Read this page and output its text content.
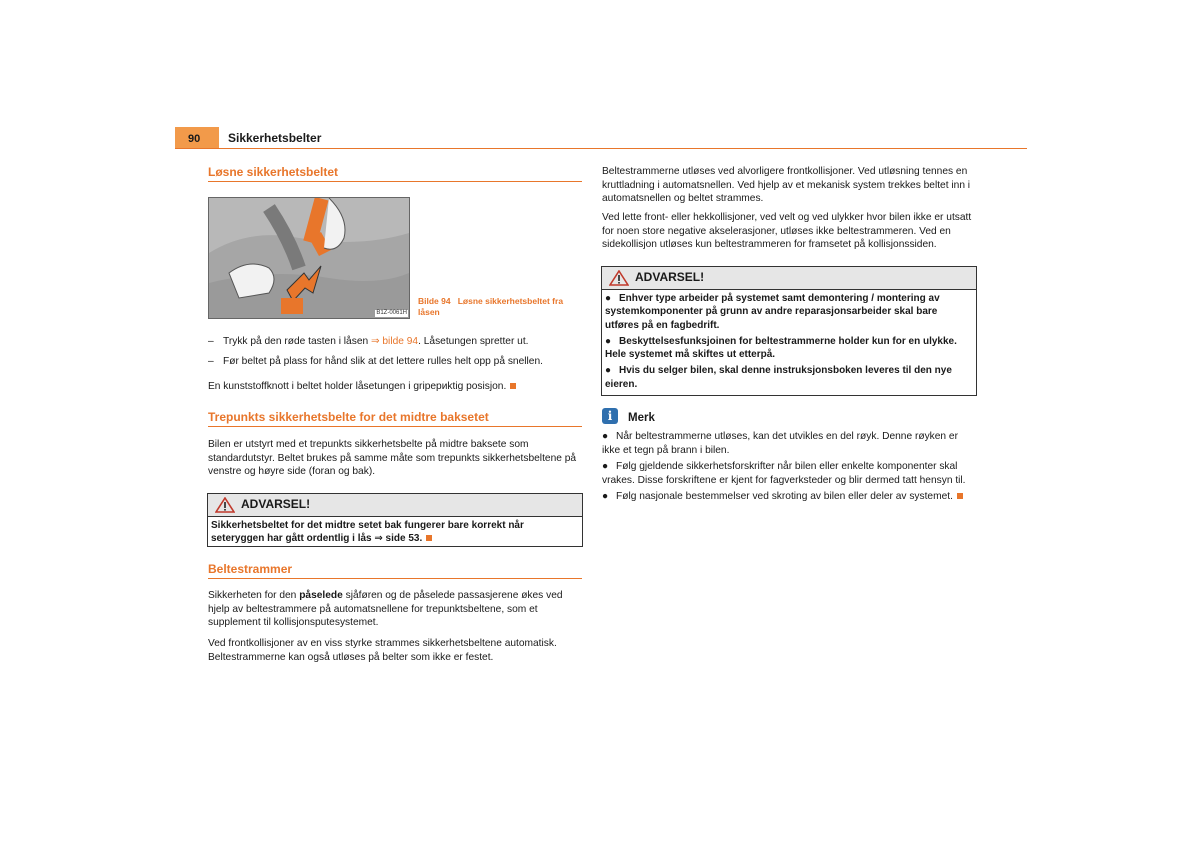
90 Sikkerhetsbelter
Løsne sikkerhetsbeltet
B1Z-0061H
Bilde 94 Løsne sikkerhetsbeltet fra låsen
– Trykk på den røde tasten i låsen ⇒ bilde 94. Låsetungen spretter ut.
– Før beltet på plass for hånd slik at det lettere rulles helt opp på snellen.
En kunststoffknott i beltet holder låsetungen i gripериktig posisjon.
Trepunkts sikkerhetsbelte for det midtre baksetet
Bilen er utstyrt med et trepunkts sikkerhetsbelte på midtre baksete som standardutstyr. Beltet brukes på samme måte som trepunkts sikkerhetsbeltene på venstre og høyre side (foran og bak).
ADVARSEL!
Sikkerhetsbeltet for det midtre setet bak fungerer bare korrekt når seteryggen har gått ordentlig i lås ⇒ side 53.
Beltestrammer
Sikkerheten for den påselede sjåføren og de påselede passasjerene økes ved hjelp av beltestrammere på automatsnellene for trepunktsbeltene, som et supplement til kollisjonsputesystemet.
Ved frontkollisjoner av en viss styrke strammes sikkerhetsbeltene automatisk. Beltestrammerne kan også utløses på belter som ikke er festet.
Beltestrammerne utløses ved alvorligere frontkollisjoner. Ved utløsning tennes en kruttladning i automatsnellen. Ved hjelp av et mekanisk system trekkes beltet inn i automatsnellen og beltet strammes.
Ved lette front- eller hekkollisjoner, ved velt og ved ulykker hvor bilen ikke er utsatt for noen store negative akselerasjoner, utløses ikke beltestrammeren. Ved en sidekollisjon utløses kun beltestrammeren for framsetet på kollisjonssiden.
ADVARSEL!

● Enhver type arbeider på systemet samt demontering / montering av systemkomponenter på grunn av andre reparasjonsarbeider skal bare utføres på en fagbedrift.

● Beskyttelsesfunksjoinen for beltestrammerne holder kun for en ulykke. Hele systemet må skiftes ut etterpå.

● Hvis du selger bilen, skal denne instruksjonsboken leveres til den nye eieren.

i	Merk
● Når beltestrammerne utløses, kan det utvikles en del røyk. Denne røyken er ikke et tegn på brann i bilen.
● Følg gjeldende sikkerhetsforskrifter når bilen eller enkelte komponenter skal vrakes. Disse forskriftene er kjent for fagverksteder og blir dermed tatt hensyn til.
● Følg nasjonale bestemmelser ved skroting av bilen eller deler av systemet.
